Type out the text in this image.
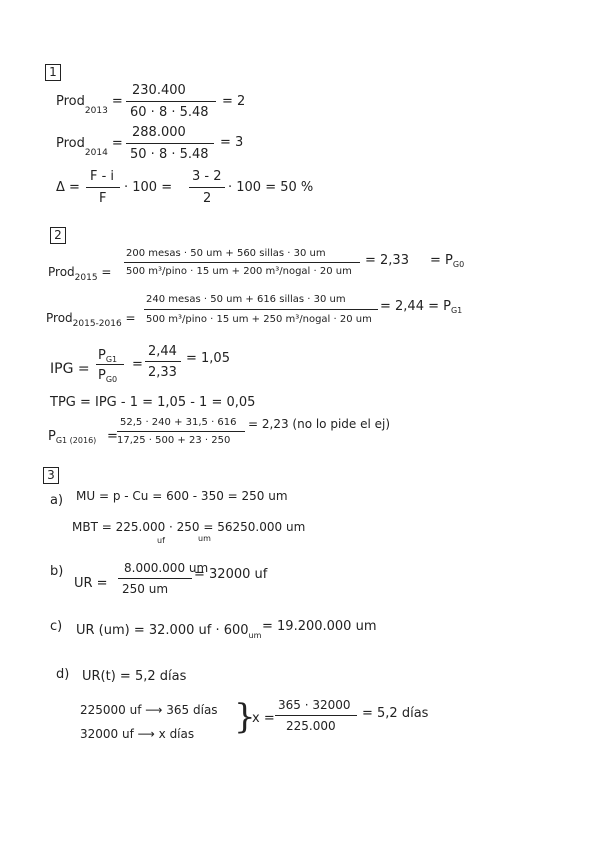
1
Prod$_{2013}$ =
230.400
60 · 8 · 5.48
= 2
Prod$_{2014}$ =
288.000
50 · 8 · 5.48
= 3
Δ =
F - i
F
· 100 =
3 - 2
2
· 100 = 50 %
2
Prod$_{2015}$ =
200 mesas · 50 um + 560 sillas · 30 um
500 m³/pino · 15 um + 200 m³/nogal · 20 um
= $2,33 = P_{G0}$
Prod$_{2015-2016}$ =
240 mesas · 50 um + 616 sillas · 30 um
500 m³/pino · 15 um + 250 m³/nogal · 20 um
= $2,44 = P_{G1}$
IPG =
$P_{G1}$
$P_{G0}$
=
2,44
2,33
= 1,05
TPG = IPG - 1 = 1,05 - 1 = 0,05
$P_{G1 (2016)}$ =
52,5 · 240 + 31,5 · 616
17,25 · 500 + 23 · 250
= 2,23 (no lo pide el ej)
3
a) MU = p - Cu = 600 - 350 = 250 um
MBT = 225.000 · 250 = 56250.000 um
uf	um
b)
UR =
8.000.000 um
250 um
= 32000 uf
c) UR (um) = 32.000 uf · $600_{um}$
= 19.200.000 um
d) UR(t) = 5,2 días
225000 uf ⟶ 365 días
32000 uf ⟶ x días }
x =
365 · 32000
225.000
= 5,2 días
